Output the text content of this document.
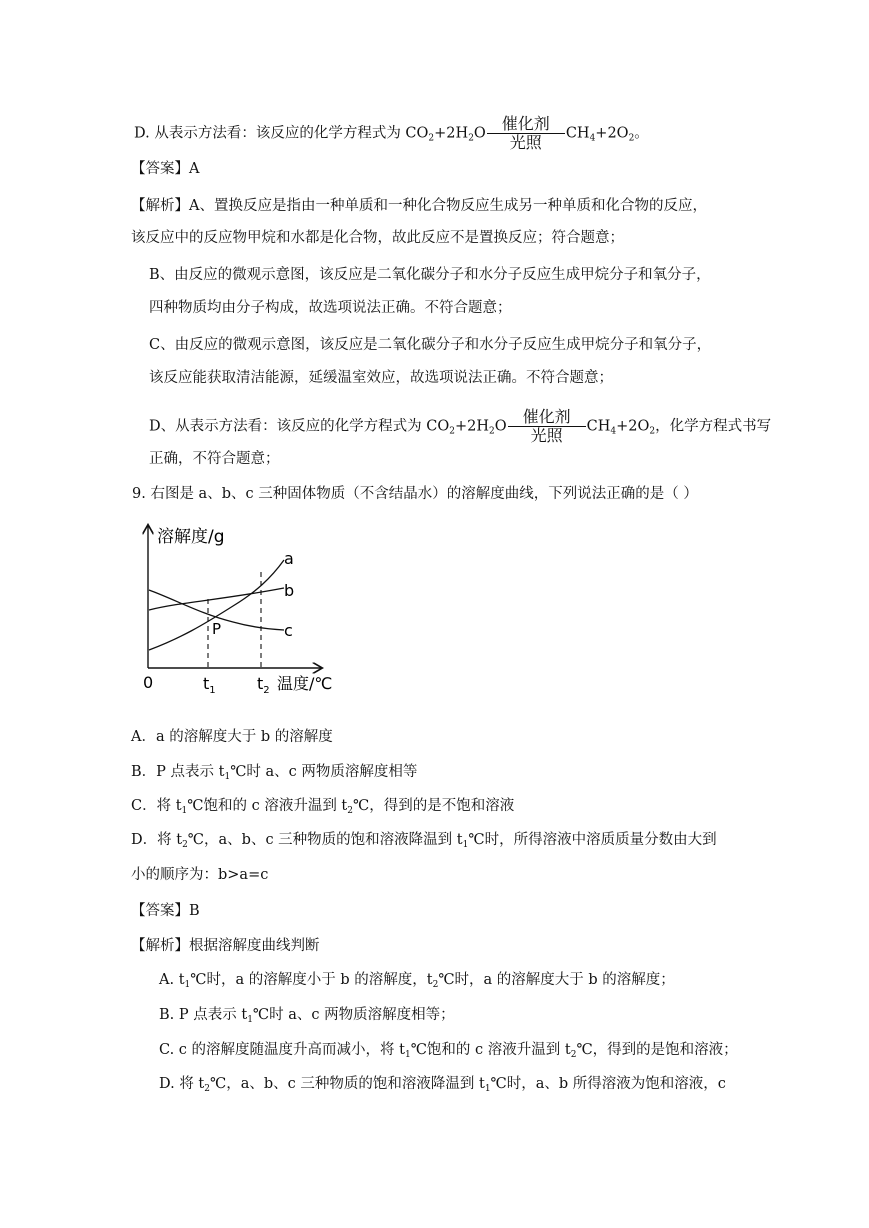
D. 从表示方法看：该反应的化学方程式为 $CO_2+2H_2O \frac{\text{催化剂}}{\text{光照}} CH_4+2O_2$。
【答案】A
【解析】A、置换反应是指由一种单质和一种化合物反应生成另一种单质和化合物的反应，
该反应中的反应物甲烷和水都是化合物，故此反应不是置换反应；符合题意；
B、由反应的微观示意图，该反应是二氧化碳分子和水分子反应生成甲烷分子和氧分子，
四种物质均由分子构成，故选项说法正确。不符合题意；
C、由反应的微观示意图，该反应是二氧化碳分子和水分子反应生成甲烷分子和氧分子，
该反应能获取清洁能源，延缓温室效应，故选项说法正确。不符合题意；
D、从表示方法看：该反应的化学方程式为 $CO_2+2H_2O \frac{\text{催化剂}}{\text{光照}} CH_4+2O_2$，化学方程式书写
正确，不符合题意；
9. 右图是 a、b、c 三种固体物质（不含结晶水）的溶解度曲线，下列说法正确的是（ ）
溶解度/g
0	$t_1$	$t_2$ 温度/℃
P
a
b
c
A．a 的溶解度大于 b 的溶解度
B．P 点表示 $t_1℃$时 a、c 两物质溶解度相等
C．将 $t_1℃$饱和的 c 溶液升温到 $t_2℃$，得到的是不饱和溶液
D．将 $t_2℃$，a、b、c 三种物质的饱和溶液降温到 $t_1℃$时，所得溶液中溶质质量分数由大到
小的顺序为：b>a=c
【答案】B
【解析】根据溶解度曲线判断
A. $t_1℃$时，a 的溶解度小于 b 的溶解度，$t_2℃$时，a 的溶解度大于 b 的溶解度；
B. P 点表示 $t_1℃$时 a、c 两物质溶解度相等；
C. c 的溶解度随温度升高而减小，将 $t_1℃$饱和的 c 溶液升温到 $t_2℃$，得到的是饱和溶液；
D. 将 $t_2℃$，a、b、c 三种物质的饱和溶液降温到 $t_1℃$时，a、b 所得溶液为饱和溶液，c
